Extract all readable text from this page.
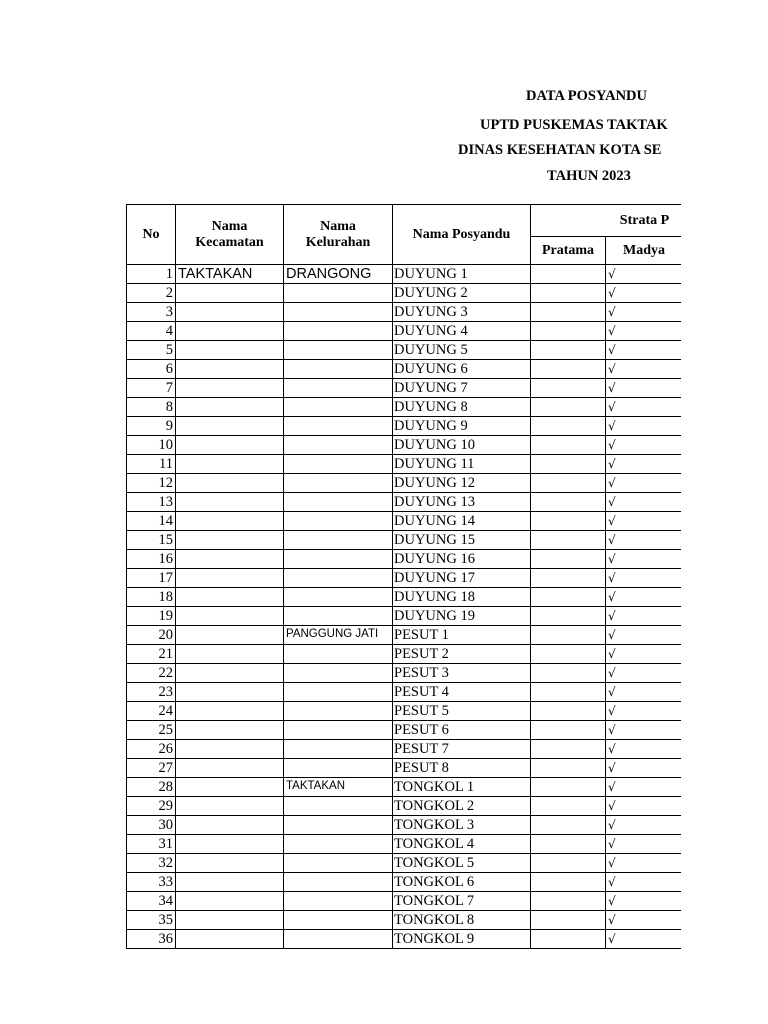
DATA POSYANDU
UPTD PUSKEMAS TAKTAK
DINAS KESEHATAN KOTA SE
TAHUN 2023
No	Nama Kecamatan	Nama Kelurahan	Nama Posyandu	Strata P		
				Pratama	Madya	
1	TAKTAKAN	DRANGONG	DUYUNG 1		√	
2			DUYUNG 2		√	
3			DUYUNG 3		√	
4			DUYUNG 4		√	
5			DUYUNG 5		√	
6			DUYUNG 6		√	
7			DUYUNG 7		√	
8			DUYUNG 8		√	
9			DUYUNG 9		√	
10			DUYUNG 10		√	
11			DUYUNG 11		√	
12			DUYUNG 12		√	
13			DUYUNG 13		√	
14			DUYUNG 14		√	
15			DUYUNG 15		√	
16			DUYUNG 16		√	
17			DUYUNG 17		√	
18			DUYUNG 18		√	
19			DUYUNG 19		√	
20		PANGGUNG JATI	PESUT 1		√	
21			PESUT 2		√	
22			PESUT 3		√	
23			PESUT 4		√	
24			PESUT 5		√	
25			PESUT 6		√	
26			PESUT 7		√	
27			PESUT 8		√	
28		TAKTAKAN	TONGKOL 1		√	
29			TONGKOL 2		√	
30			TONGKOL 3		√	
31			TONGKOL 4		√	
32			TONGKOL 5		√	
33			TONGKOL 6		√	
34			TONGKOL 7		√	
35			TONGKOL 8		√	
36			TONGKOL 9		√	
